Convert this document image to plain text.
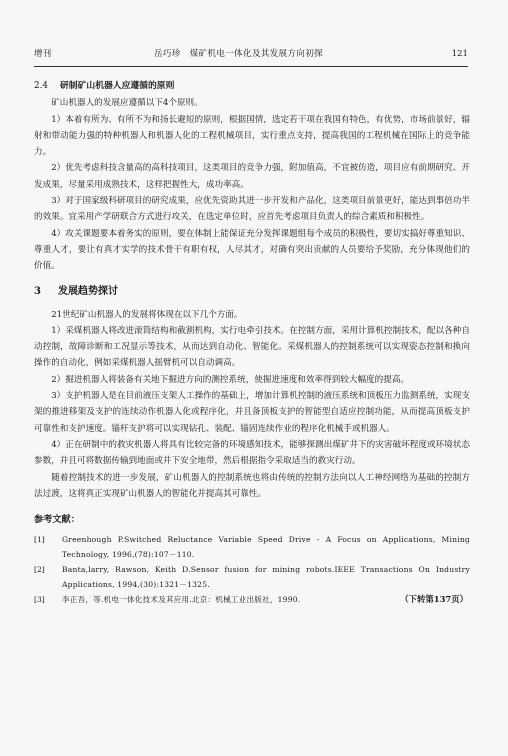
增刊	岳巧珍　煤矿机电一体化及其发展方向初探	121
2.4 研制矿山机器人应遵循的原则

矿山机器人的发展应遵循以下4个原则。

1）本着有所为、有所不为和扬长避短的原则，根据国情，选定若干项在我国有特色，有优势，市场前景好，辐射和带动能力强的特种机器人和机器人化的工程机械项目，实行重点支持，提高我国的工程机械在国际上的竞争能力。

2）优先考虑科技含量高的高科技项目，这类项目的竞争力强，附加值高，不宜被仿造，项目应有前期研究、开发成果，尽量采用成熟技术，这样把握性大，成功率高。

3）对于国家级科研项目的研究成果，应优先资助其进一步开发和产品化，这类项目前景更好，能达到事倍功半的效果。宜采用产学研联合方式进行攻关，在选定单位时，应首先考虑项目负责人的综合素质和积极性。

4）攻关课题要本着务实的原则，要在体制上能保证充分发挥课题组每个成员的积极性，要切实搞好尊重知识、尊重人才，要让有真才实学的技术骨干有职有权，人尽其才，对确有突出贡献的人员要给予奖励，充分体现他们的价值。

3 发展趋势探讨

21世纪矿山机器人的发展将体现在以下几个方面。

1）采煤机器人将改进滚筒结构和截割机构，实行电牵引技术。在控制方面，采用计算机控制技术，配以各种自动控制，故障诊断和工况显示等技术，从而达到自动化、智能化。采煤机器人的控制系统可以实现姿态控制和换向操作的自动化，例如采煤机器人摇臂机可以自动调高。

2）掘进机器人将装备有关地下掘进方向的测控系统，使掘进速度和效率得到较大幅度的提高。

3）支护机器人是在目前液压支架人工操作的基础上，增加计算机控制的液压系统和顶板压力监测系统，实现支架的推进移架及支护的连续动作机器人化或程序化，并且备顶板支护的智能型自适应控制功能，从而提高顶板支护可靠性和支护速度。锚杆支护将可以实现钻孔、装配、锚固连续作业的程序化机械手或机器人。

4）正在研制中的救灾机器人将具有比较完备的环境感知技术，能够探测出煤矿井下的灾害破坏程度或环境状态参数，并且可将数据传输到地面或井下安全地带，然后根据指令采取适当的救灾行动。

随着控制技术的进一步发展，矿山机器人的控制系统也将由传统的控制方法向以人工神经网络为基础的控制方法过渡，这将真正实现矿山机器人的智能化并提高其可靠性。

参考文献：
[1] Greenhough P.Switched Reluctance Variable Speed Drive - A Focus on Applications, Mining Technology, 1996,(78):107－110.
[2] Banta,larry, Rawson, Keith D.Sensor fusion for mining robots.IEEE Transactions On Industry Applications, 1994,(30):1321－1325.
[3]	（下转第137页）
李正吾，等.机电一体化技术及其应用.北京：机械工业出版社，1990.
